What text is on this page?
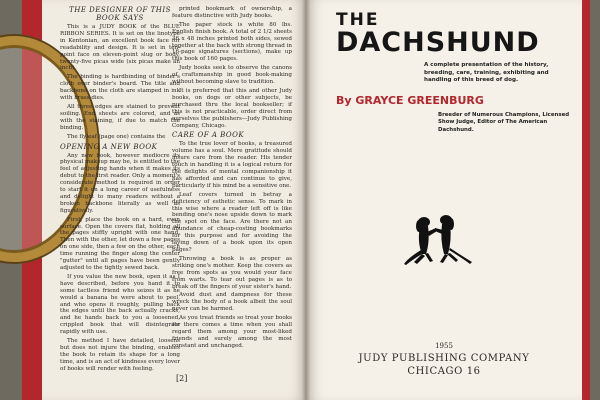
THE DESIGNER OF THIS BOOK SAYS

This is a JUDY BOOK of the BLUE RIBBON SERIES. It is set on the linotype in Kentonian, an excellent book face for readability and design. It is set in ten-point face on eleven-point slug or body, twenty-five picas wide (six picas make an inch).

The binding is hardbinding of binder's cloth over binder's board. The title and backbone on the cloth are stamped in ink with brass dies.

All three edges are stained to prevent soiling. End sheets are colored, and as with the staining, if due to match the binding.

The flyleaf (page one) contains the

OPENING A NEW BOOK

Any new book, however mediocre its physical makeup may be, is entitled to the feel of adjusting hands when it makes its debut to the first reader. Only a moment's considerate method is required in order to start it on a long career of usefulness and delight to many readers without a broken backbone literally as well as figuratively.

First, place the book on a hard, even surface. Open the covers flat, holding all the pages stiffly upright with one hand. Then with the other, let down a few pages on one side, then a few on the other, each time running the finger along the center "gutter" until all pages have been gently adjusted to the tightly sewed back.

If you value the new book, open it as I have described, before you hand it to some tactless friend who seizes it as he would a banana he were about to peel, and who opens it roughly, pulling back the edges until the back actually cracks, and he hands back to you a loosened, crippled book that will disintegrate rapidly with use.

The method I have detailed, loosens but does not injure the binding, enables the book to retain its shape for a long time, and is an act of kindness every lover of books will render with feeling.

printed bookmark of ownership, a feature distinctive with Judy books.

The paper stock is white 80 lbs. English finish book. A total of 2 1/2 sheets 36 x 48 inches printed both sides, sewed together at the back with strong thread in 16-page signatures (sections), make up this book of 160 pages.

Judy books seek to observe the canons of craftsmanship in good book-making without becoming slave to tradition.

It is preferred that this and other Judy books, on dogs or other subjects, be purchased thru the local bookseller; if this is not practicable, order direct from ourselves the publishers—Judy Publishing Company, Chicago.

CARE OF A BOOK

To the true lover of books, a treasured volume has a soul. Mere gratitude should insure care from the reader. His tender touch in handling it is a logical return for the delights of mental companionship it has afforded and can continue to give, particularly if his mind be a sensitive one.

Leaf covers turned in betray a deficiency of esthetic sense. To mark in this wise where a reader left off is like bending one's nose upside down to mark the spot on the face. Are there not an abundance of cheap-costing bookmarks for this purpose and for avoiding the laying down of a book upon its open pages?

Throwing a book is as proper as striking one's mother. Keep the covers as free from spots as you would your face from warts. To tear out pages is as to break off the fingers of your sister's hand.

Avoid dust and dampness for these wreck the body of a book albeit the soul never can be harmed.

As you treat friends so treat your books for there comes a time when you shall regard them among your most-liked friends and surely among the most constant and unchanged.

[2]
THE
DACHSHUND
A complete presentation of the history, breeding, care, training, exhibiting and handling of this breed of dog.
By GRAYCE GREENBURG
Breeder of Numerous Champions, Licensed Show Judge, Editor of The American Dachshund.
1955
JUDY PUBLISHING COMPANY
CHICAGO 16
